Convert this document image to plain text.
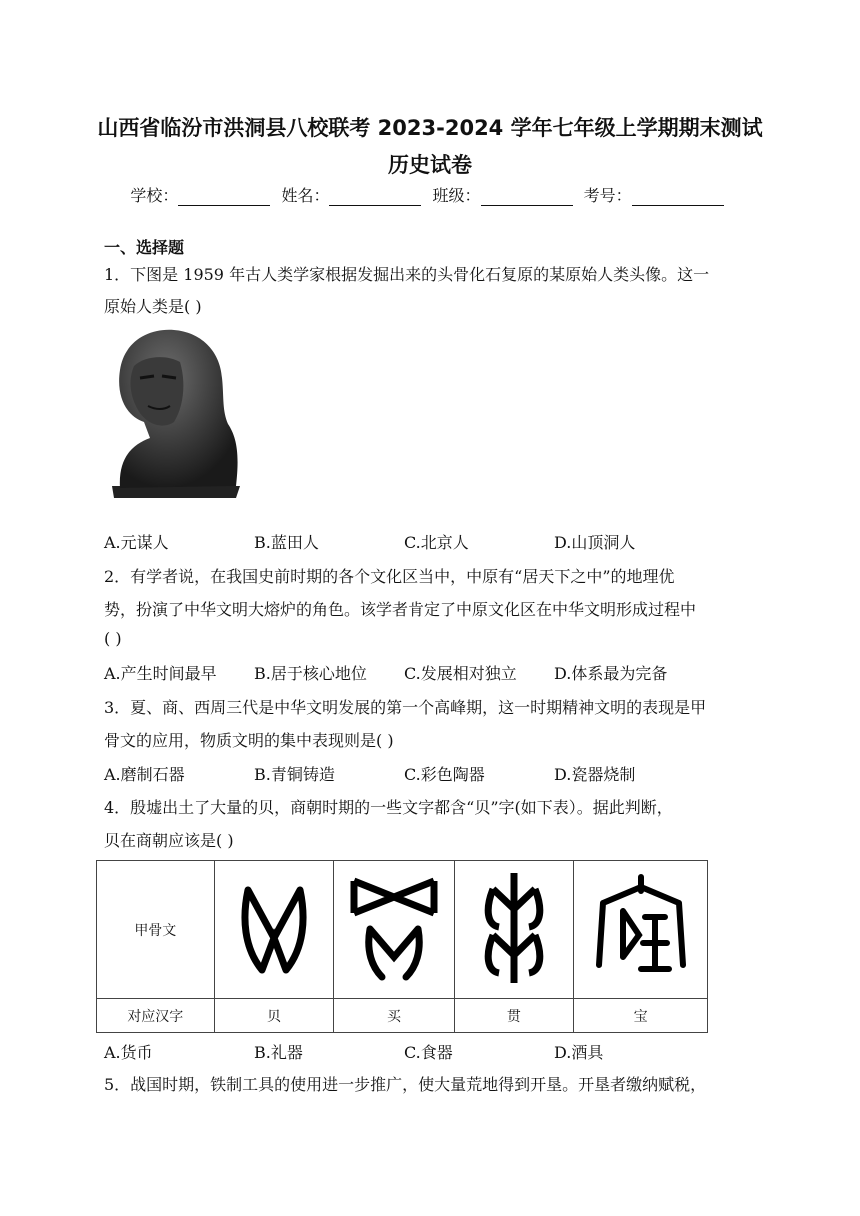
山西省临汾市洪洞县八校联考 2023-2024 学年七年级上学期期末测试
历史试卷
学校：	姓名：	班级：	考号：
一、选择题
1．下图是 1959 年古人类学家根据发掘出来的头骨化石复原的某原始人类头像。这一
原始人类是( )
A.元谋人	B.蓝田人	C.北京人	D.山顶洞人
2．有学者说，在我国史前时期的各个文化区当中，中原有“居天下之中”的地理优
势，扮演了中华文明大熔炉的角色。该学者肯定了中原文化区在中华文明形成过程中
( )
A.产生时间最早 B.居于核心地位 C.发展相对独立 D.体系最为完备
3．夏、商、西周三代是中华文明发展的第一个高峰期，这一时期精神文明的表现是甲
骨文的应用，物质文明的集中表现则是( )
A.磨制石器	B.青铜铸造	C.彩色陶器	D.瓷器烧制
4．殷墟出土了大量的贝，商朝时期的一些文字都含“贝”字(如下表）。据此判断，
贝在商朝应该是( )
甲骨文				
对应汉字	贝	买	贯	宝
A.货币	B.礼器	C.食器	D.酒具
5．战国时期，铁制工具的使用进一步推广，使大量荒地得到开垦。开垦者缴纳赋税，
